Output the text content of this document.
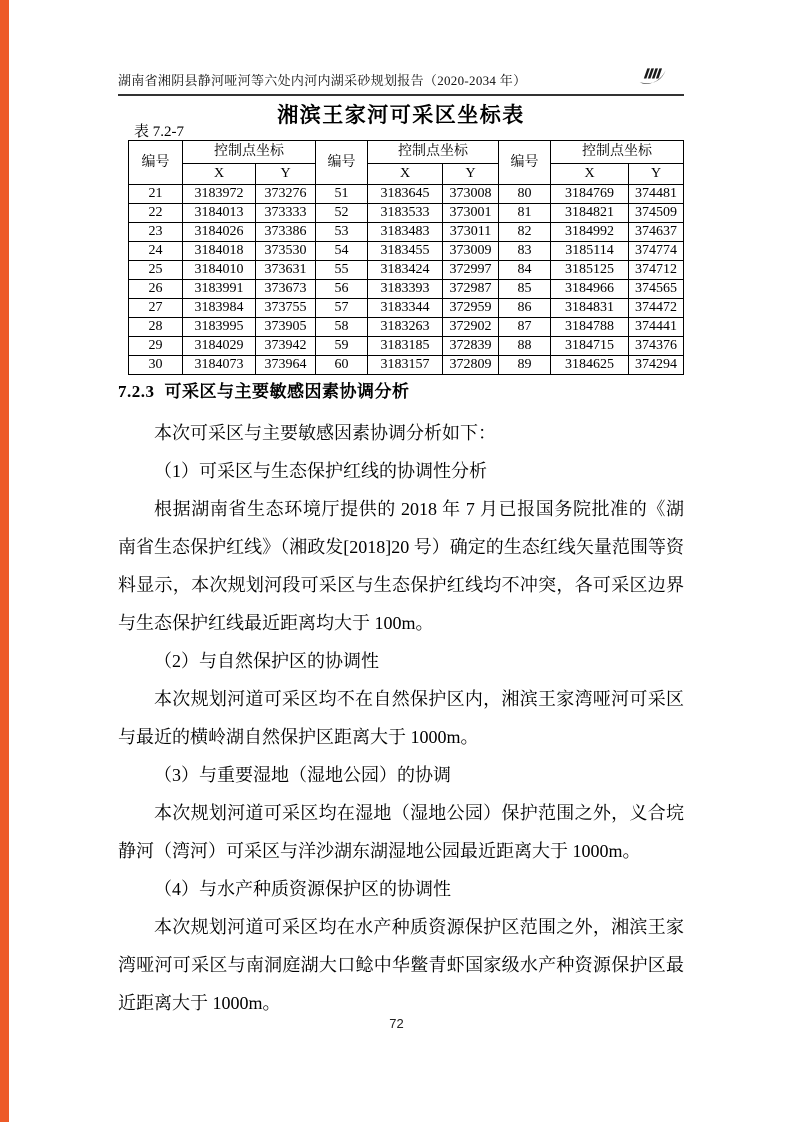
湖南省湘阴县静河哑河等六处内河内湖采砂规划报告（2020-2034 年）
湘滨王家河可采区坐标表
表 7.2-7
编号	控制点坐标		编号	控制点坐标		编号	控制点坐标	
	X	Y		X	Y		X	Y
21	3183972	373276	51	3183645	373008	80	3184769	374481
22	3184013	373333	52	3183533	373001	81	3184821	374509
23	3184026	373386	53	3183483	373011	82	3184992	374637
24	3184018	373530	54	3183455	373009	83	3185114	374774
25	3184010	373631	55	3183424	372997	84	3185125	374712
26	3183991	373673	56	3183393	372987	85	3184966	374565
27	3183984	373755	57	3183344	372959	86	3184831	374472
28	3183995	373905	58	3183263	372902	87	3184788	374441
29	3184029	373942	59	3183185	372839	88	3184715	374376
30	3184073	373964	60	3183157	372809	89	3184625	374294
7.2.3 可采区与主要敏感因素协调分析

本次可采区与主要敏感因素协调分析如下：

（1）可采区与生态保护红线的协调性分析

根据湖南省生态环境厅提供的 2018 年 7 月已报国务院批准的《湖南省生态保护红线》（湘政发[2018]20 号）确定的生态红线矢量范围等资料显示，本次规划河段可采区与生态保护红线均不冲突，各可采区边界与生态保护红线最近距离均大于 100m。

（2）与自然保护区的协调性

本次规划河道可采区均不在自然保护区内，湘滨王家湾哑河可采区与最近的横岭湖自然保护区距离大于 1000m。

（3）与重要湿地（湿地公园）的协调

本次规划河道可采区均在湿地（湿地公园）保护范围之外，义合垸静河（湾河）可采区与洋沙湖东湖湿地公园最近距离大于 1000m。

（4）与水产种质资源保护区的协调性

本次规划河道可采区均在水产种质资源保护区范围之外，湘滨王家湾哑河可采区与南洞庭湖大口鲶中华鳖青虾国家级水产种资源保护区最近距离大于 1000m。

72
